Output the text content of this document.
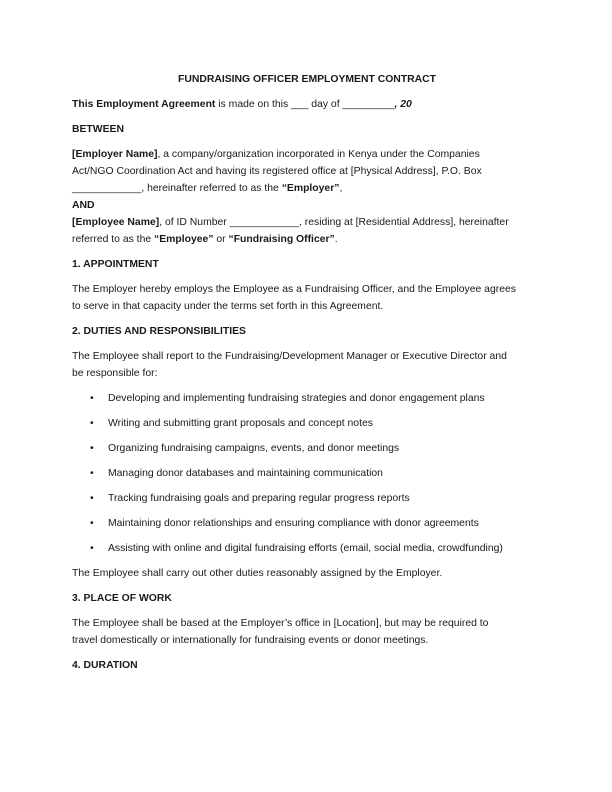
FUNDRAISING OFFICER EMPLOYMENT CONTRACT
This Employment Agreement is made on this ___ day of _________, 20
BETWEEN
[Employer Name], a company/organization incorporated in Kenya under the Companies
Act/NGO Coordination Act and having its registered office at [Physical Address], P.O. Box
____________, hereinafter referred to as the “Employer”,
AND
[Employee Name], of ID Number ____________, residing at [Residential Address], hereinafter
referred to as the “Employee” or “Fundraising Officer”.
1. APPOINTMENT
The Employer hereby employs the Employee as a Fundraising Officer, and the Employee agrees
to serve in that capacity under the terms set forth in this Agreement.
2. DUTIES AND RESPONSIBILITIES
The Employee shall report to the Fundraising/Development Manager or Executive Director and
be responsible for:
• Developing and implementing fundraising strategies and donor engagement plans
• Writing and submitting grant proposals and concept notes
• Organizing fundraising campaigns, events, and donor meetings
• Managing donor databases and maintaining communication
• Tracking fundraising goals and preparing regular progress reports
• Maintaining donor relationships and ensuring compliance with donor agreements
• Assisting with online and digital fundraising efforts (email, social media, crowdfunding)
The Employee shall carry out other duties reasonably assigned by the Employer.
3. PLACE OF WORK
The Employee shall be based at the Employer’s office in [Location], but may be required to
travel domestically or internationally for fundraising events or donor meetings.
4. DURATION
